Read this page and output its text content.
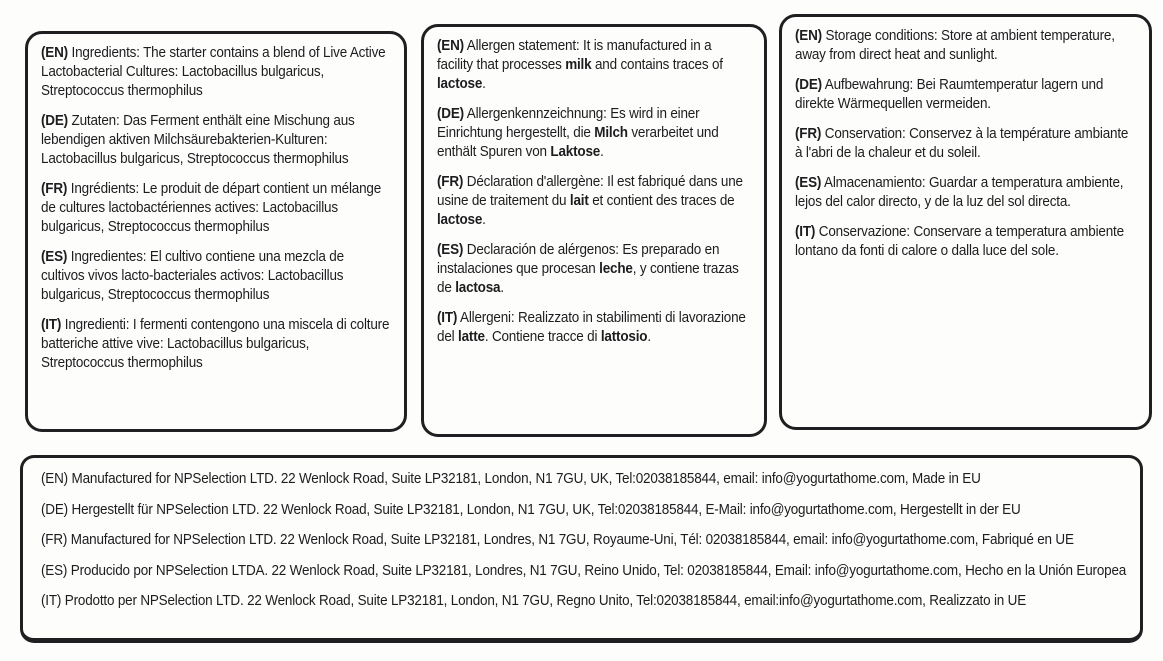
(EN) Ingredients: The starter contains a blend of Live Active Lactobacterial Cultures: Lactobacillus bulgaricus, Streptococcus thermophilus

(DE) Zutaten: Das Ferment enthält eine Mischung aus lebendigen aktiven Milchsäurebakterien-Kulturen: Lactobacillus bulgaricus, Streptococcus thermophilus

(FR) Ingrédients: Le produit de départ contient un mélange de cultures lactobactériennes actives: Lactobacillus bulgaricus, Streptococcus thermophilus

(ES) Ingredientes: El cultivo contiene una mezcla de cultivos vivos lacto-bacteriales activos: Lactobacillus bulgaricus, Streptococcus thermophilus

(IT) Ingredienti: I fermenti contengono una miscela di colture batteriche attive vive: Lactobacillus bulgaricus, Streptococcus thermophilus

(EN) Allergen statement: It is manufactured in a facility that processes milk and contains traces of lactose.

(DE) Allergenkennzeichnung: Es wird in einer Einrichtung hergestellt, die Milch verarbeitet und enthält Spuren von Laktose.

(FR) Déclaration d'allergène: Il est fabriqué dans une usine de traitement du lait et contient des traces de lactose.

(ES) Declaración de alérgenos: Es preparado en instalaciones que procesan leche, y contiene trazas de lactosa.

(IT) Allergeni: Realizzato in stabilimenti di lavorazione del latte. Contiene tracce di lattosio.

(EN) Storage conditions: Store at ambient temperature, away from direct heat and sunlight.

(DE) Aufbewahrung: Bei Raumtemperatur lagern und direkte Wärmequellen vermeiden.

(FR) Conservation: Conservez à la température ambiante à l'abri de la chaleur et du soleil.

(ES) Almacenamiento: Guardar a temperatura ambiente, lejos del calor directo, y de la luz del sol directa.

(IT) Conservazione: Conservare a temperatura ambiente lontano da fonti di calore o dalla luce del sole.

(EN) Manufactured for NPSelection LTD. 22 Wenlock Road, Suite LP32181, London, N1 7GU, UK, Tel:02038185844, email: info@yogurtathome.com, Made in EU

(DE) Hergestellt für NPSelection LTD. 22 Wenlock Road, Suite LP32181, London, N1 7GU, UK, Tel:02038185844, E-Mail: info@yogurtathome.com, Hergestellt in der EU

(FR) Manufactured for NPSelection LTD. 22 Wenlock Road, Suite LP32181, Londres, N1 7GU, Royaume-Uni, Tél: 02038185844, email: info@yogurtathome.com, Fabriqué en UE

(ES) Producido por NPSelection LTDA. 22 Wenlock Road, Suite LP32181, Londres, N1 7GU, Reino Unido, Tel: 02038185844, Email: info@yogurtathome.com, Hecho en la Unión Europea

(IT) Prodotto per NPSelection LTD. 22 Wenlock Road, Suite LP32181, London, N1 7GU, Regno Unito, Tel:02038185844, email:info@yogurtathome.com, Realizzato in UE
